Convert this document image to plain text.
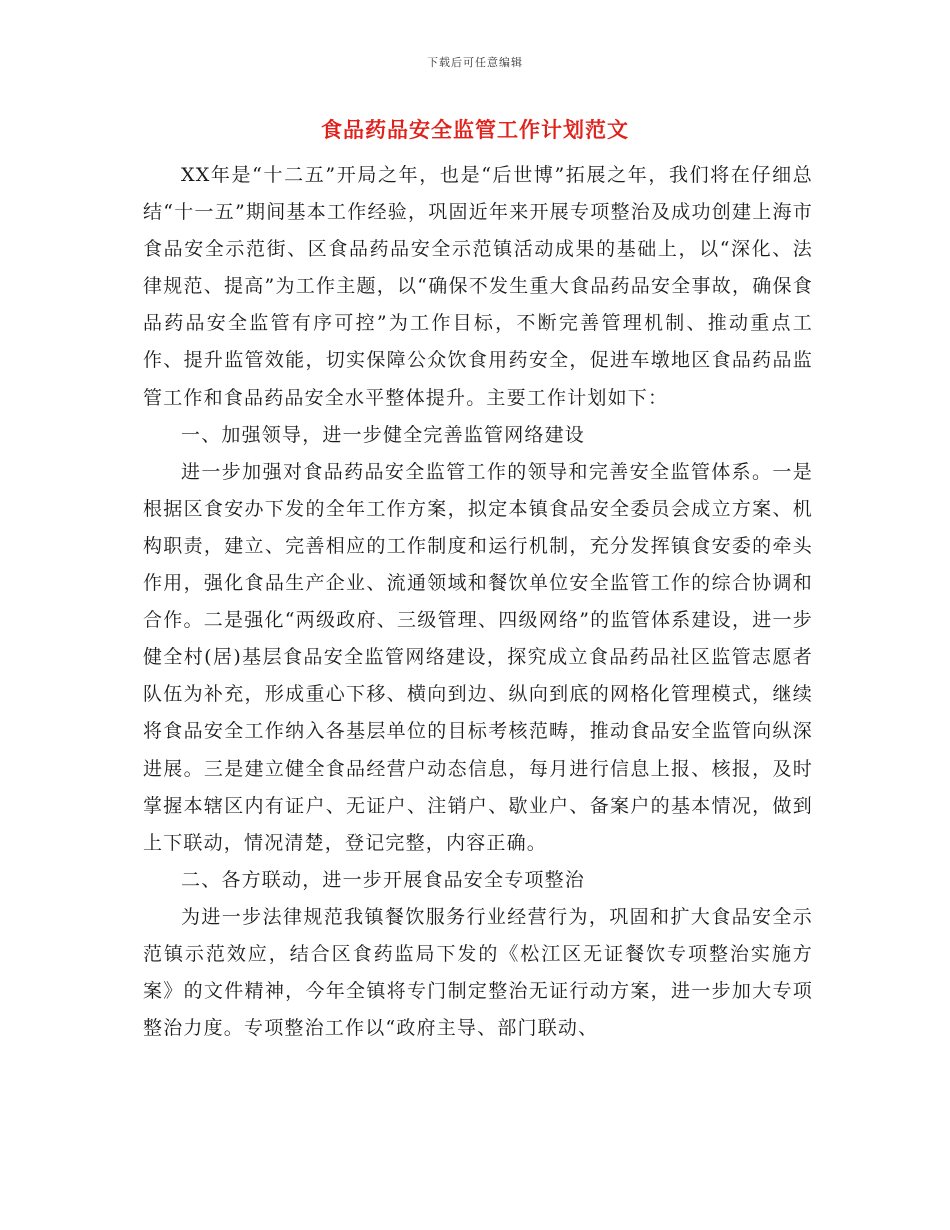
下载后可任意编辑
食品药品安全监管工作计划范文

XX年是“十二五”开局之年，也是“后世博”拓展之年，我们将在仔细总结“十一五”期间基本工作经验，巩固近年来开展专项整治及成功创建上海市食品安全示范街、区食品药品安全示范镇活动成果的基础上，以“深化、法律规范、提高”为工作主题，以“确保不发生重大食品药品安全事故，确保食品药品安全监管有序可控”为工作目标，不断完善管理机制、推动重点工作、提升监管效能，切实保障公众饮食用药安全，促进车墩地区食品药品监管工作和食品药品安全水平整体提升。主要工作计划如下：

一、加强领导，进一步健全完善监管网络建设

进一步加强对食品药品安全监管工作的领导和完善安全监管体系。一是根据区食安办下发的全年工作方案，拟定本镇食品安全委员会成立方案、机构职责，建立、完善相应的工作制度和运行机制，充分发挥镇食安委的牵头作用，强化食品生产企业、流通领域和餐饮单位安全监管工作的综合协调和合作。二是强化“两级政府、三级管理、四级网络”的监管体系建设，进一步健全村(居)基层食品安全监管网络建设，探究成立食品药品社区监管志愿者队伍为补充，形成重心下移、横向到边、纵向到底的网格化管理模式，继续将食品安全工作纳入各基层单位的目标考核范畴，推动食品安全监管向纵深进展。三是建立健全食品经营户动态信息，每月进行信息上报、核报，及时掌握本辖区内有证户、无证户、注销户、歇业户、备案户的基本情况，做到上下联动，情况清楚，登记完整，内容正确。

二、各方联动，进一步开展食品安全专项整治

为进一步法律规范我镇餐饮服务行业经营行为，巩固和扩大食品安全示范镇示范效应，结合区食药监局下发的《松江区无证餐饮专项整治实施方案》的文件精神，今年全镇将专门制定整治无证行动方案，进一步加大专项整治力度。专项整治工作以“政府主导、部门联动、
